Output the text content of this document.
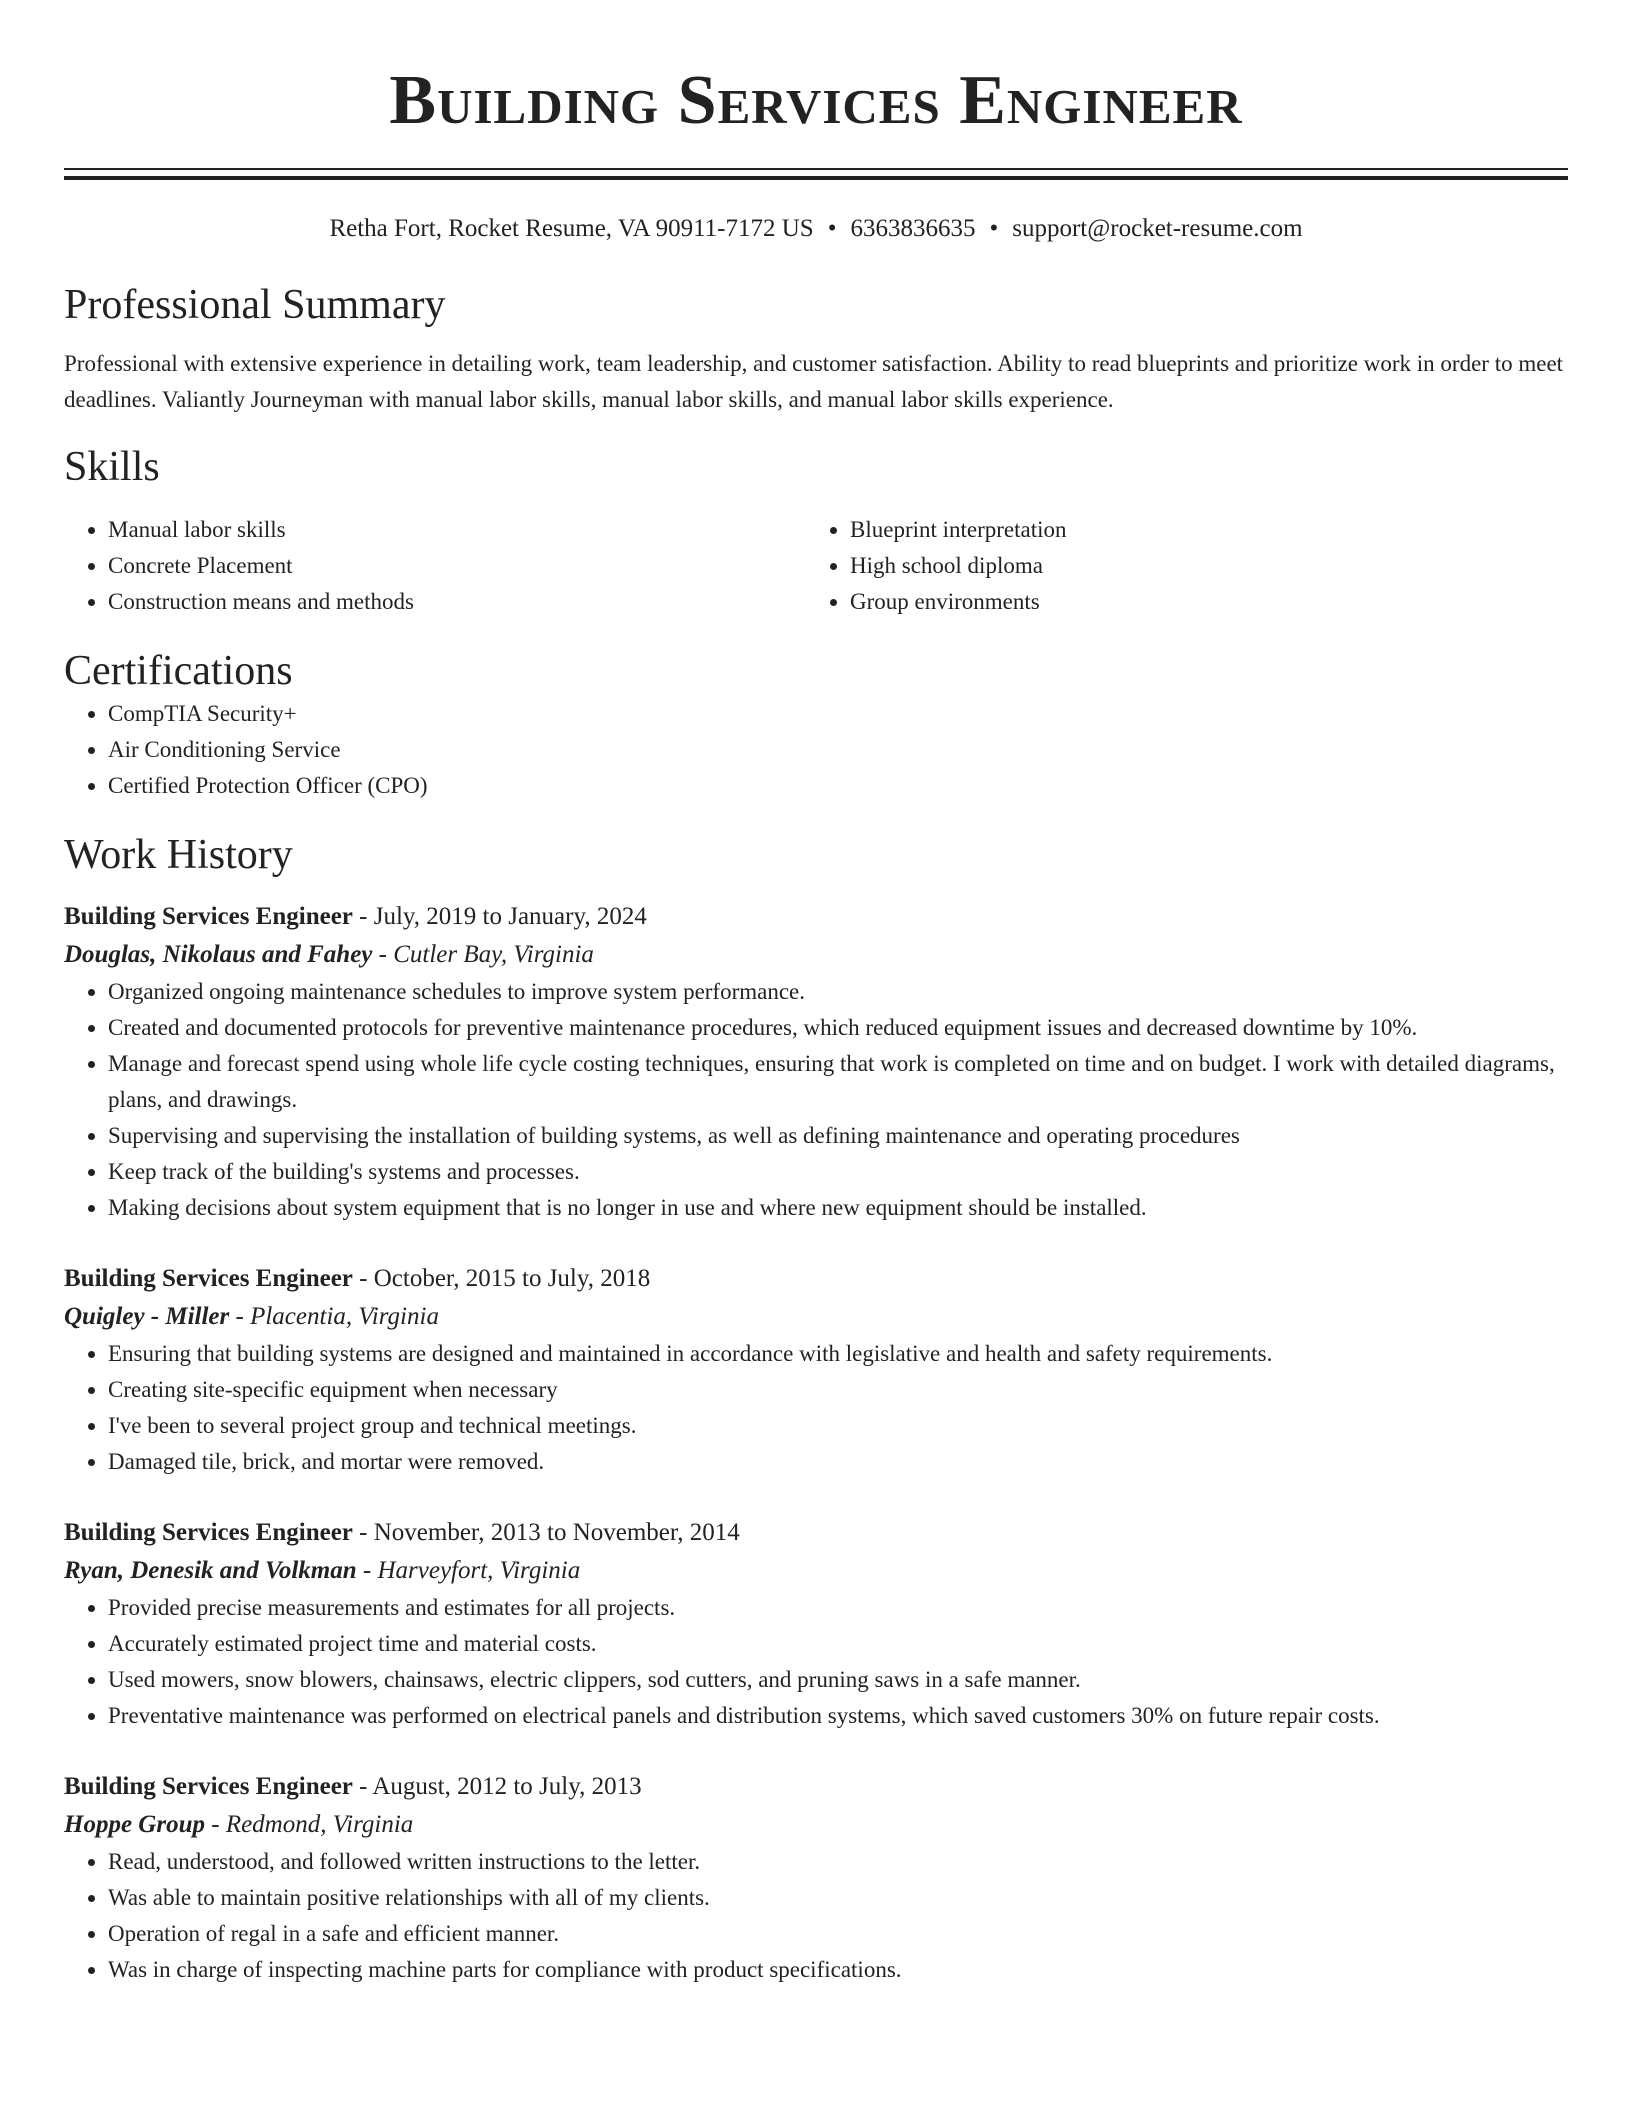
Building Services Engineer
Retha Fort, Rocket Resume, VA 90911-7172 US • 6363836635 • support@rocket-resume.com
Professional Summary
Professional with extensive experience in detailing work, team leadership, and customer satisfaction. Ability to read blueprints and prioritize work in order to meet deadlines. Valiantly Journeyman with manual labor skills, manual labor skills, and manual labor skills experience.
Skills
• Manual labor skills
• Concrete Placement
• Construction means and methods
• Blueprint interpretation
• High school diploma
• Group environments
Certifications
• CompTIA Security+
• Air Conditioning Service
• Certified Protection Officer (CPO)
Work History
Building Services Engineer - July, 2019 to January, 2024
Douglas, Nikolaus and Fahey - Cutler Bay, Virginia
• Organized ongoing maintenance schedules to improve system performance.
• Created and documented protocols for preventive maintenance procedures, which reduced equipment issues and decreased downtime by 10%.
• Manage and forecast spend using whole life cycle costing techniques, ensuring that work is completed on time and on budget. I work with detailed diagrams, plans, and drawings.
• Supervising and supervising the installation of building systems, as well as defining maintenance and operating procedures
• Keep track of the building's systems and processes.
• Making decisions about system equipment that is no longer in use and where new equipment should be installed.
Building Services Engineer - October, 2015 to July, 2018
Quigley - Miller - Placentia, Virginia
• Ensuring that building systems are designed and maintained in accordance with legislative and health and safety requirements.
• Creating site-specific equipment when necessary
• I've been to several project group and technical meetings.
• Damaged tile, brick, and mortar were removed.
Building Services Engineer - November, 2013 to November, 2014
Ryan, Denesik and Volkman - Harveyfort, Virginia
• Provided precise measurements and estimates for all projects.
• Accurately estimated project time and material costs.
• Used mowers, snow blowers, chainsaws, electric clippers, sod cutters, and pruning saws in a safe manner.
• Preventative maintenance was performed on electrical panels and distribution systems, which saved customers 30% on future repair costs.
Building Services Engineer - August, 2012 to July, 2013
Hoppe Group - Redmond, Virginia
• Read, understood, and followed written instructions to the letter.
• Was able to maintain positive relationships with all of my clients.
• Operation of regal in a safe and efficient manner.
• Was in charge of inspecting machine parts for compliance with product specifications.
